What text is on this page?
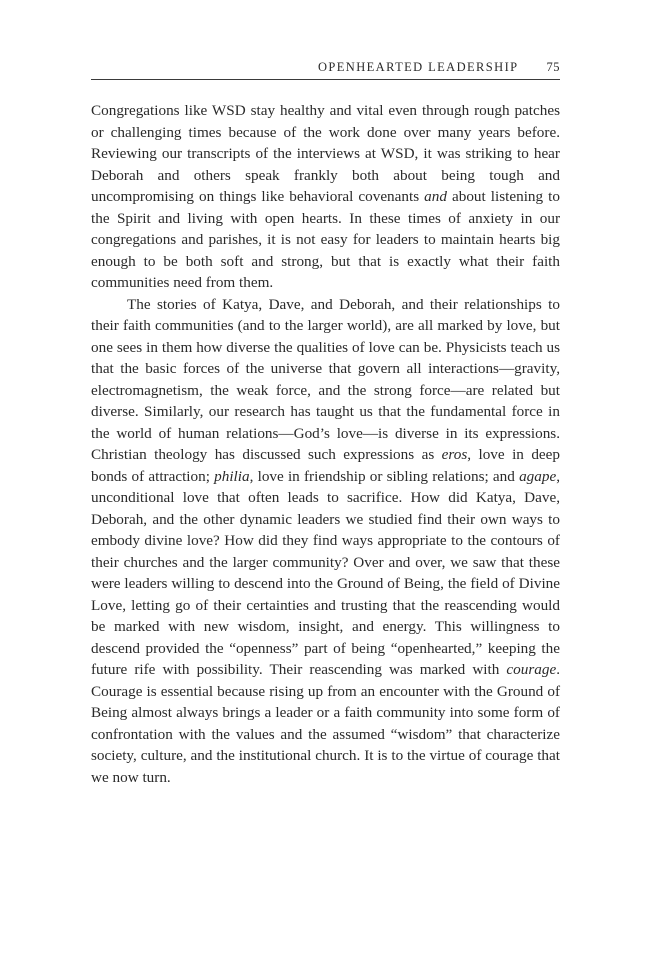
OPENHEARTED LEADERSHIP 75

Congregations like WSD stay healthy and vital even through rough patches or challenging times because of the work done over many years before. Reviewing our transcripts of the interviews at WSD, it was striking to hear Deborah and others speak frankly both about being tough and uncompromising on things like behavioral covenants and about listening to the Spirit and living with open hearts. In these times of anxiety in our congregations and parishes, it is not easy for leaders to maintain hearts big enough to be both soft and strong, but that is exactly what their faith communities need from them.

The stories of Katya, Dave, and Deborah, and their relationships to their faith communities (and to the larger world), are all marked by love, but one sees in them how diverse the qualities of love can be. Physicists teach us that the basic forces of the universe that govern all interactions—gravity, electromagnetism, the weak force, and the strong force—are related but diverse. Similarly, our research has taught us that the fundamental force in the world of human relations—God’s love—is diverse in its expressions. Christian theology has discussed such expressions as eros, love in deep bonds of attraction; philia, love in friendship or sibling relations; and agape, unconditional love that often leads to sacrifice. How did Katya, Dave, Deborah, and the other dynamic leaders we studied find their own ways to embody divine love? How did they find ways appropriate to the contours of their churches and the larger community? Over and over, we saw that these were leaders willing to descend into the Ground of Being, the field of Divine Love, letting go of their certainties and trusting that the reascending would be marked with new wisdom, insight, and energy. This willingness to descend provided the “openness” part of being “openhearted,” keeping the future rife with possibility. Their reascending was marked with courage. Courage is essential because rising up from an encounter with the Ground of Being almost always brings a leader or a faith community into some form of confrontation with the values and the assumed “wisdom” that characterize society, culture, and the institutional church. It is to the virtue of courage that we now turn.
